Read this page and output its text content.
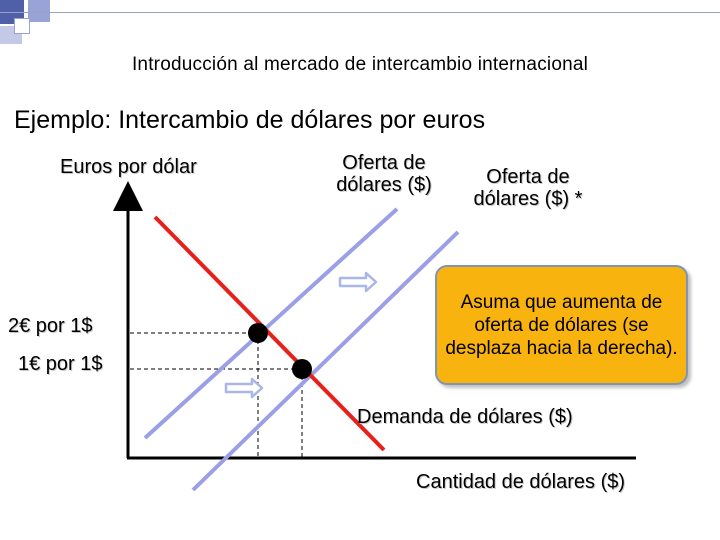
Introducción al mercado de intercambio internacional
Ejemplo: Intercambio de dólares por euros
Euros por dólar
2€ por 1$
1€ por 1$
Oferta de dólares ($)	Oferta de dólares ($) *
Asuma que aumenta de oferta de dólares (se desplaza hacia la derecha).
Demanda de dólares ($)
Cantidad de dólares ($)
